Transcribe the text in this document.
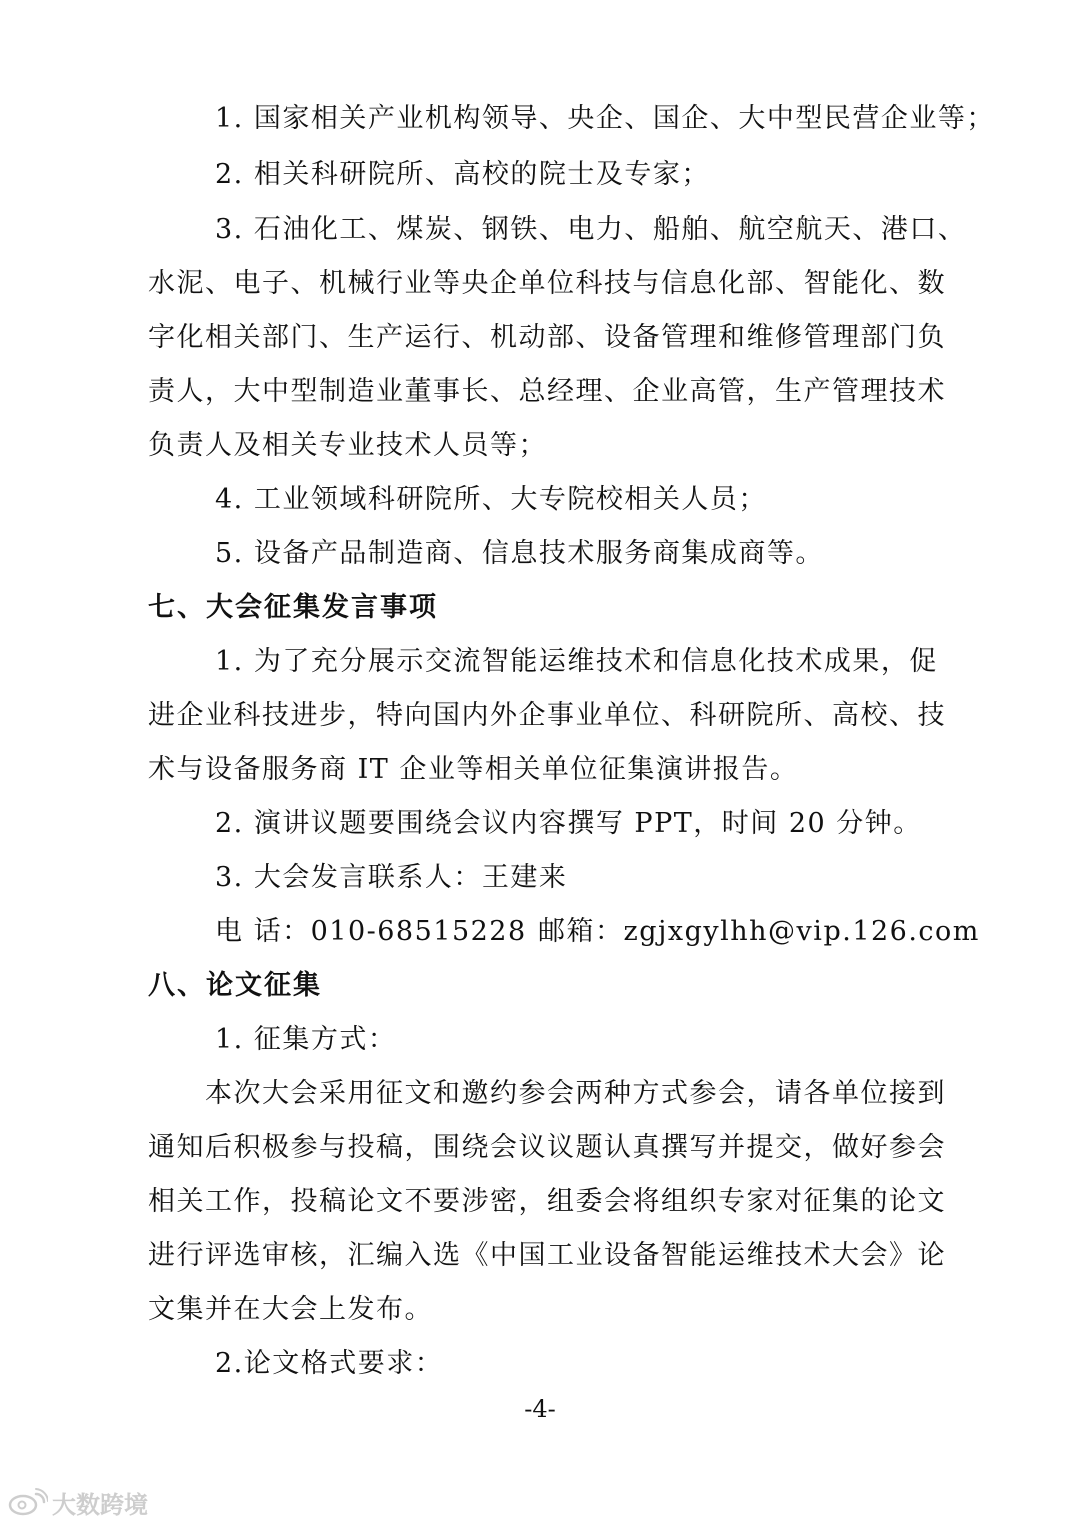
1. 国家相关产业机构领导、央企、国企、大中型民营企业等；
2. 相关科研院所、高校的院士及专家；
3. 石油化工、煤炭、钢铁、电力、船舶、航空航天、港口、
水泥、电子、机械行业等央企单位科技与信息化部、智能化、数
字化相关部门、生产运行、机动部、设备管理和维修管理部门负
责人，大中型制造业董事长、总经理、企业高管，生产管理技术
负责人及相关专业技术人员等；
4. 工业领域科研院所、大专院校相关人员；
5. 设备产品制造商、信息技术服务商集成商等。
七、大会征集发言事项
1. 为了充分展示交流智能运维技术和信息化技术成果，促
进企业科技进步，特向国内外企事业单位、科研院所、高校、技
术与设备服务商 IT 企业等相关单位征集演讲报告。
2. 演讲议题要围绕会议内容撰写 PPT，时间 20 分钟。
3. 大会发言联系人：王建来
电 话：010-68515228 邮箱：zgjxgylhh@vip.126.com
八、论文征集
1. 征集方式：
本次大会采用征文和邀约参会两种方式参会，请各单位接到
通知后积极参与投稿，围绕会议议题认真撰写并提交，做好参会
相关工作，投稿论文不要涉密，组委会将组织专家对征集的论文
进行评选审核，汇编入选《中国工业设备智能运维技术大会》论
文集并在大会上发布。
2.论文格式要求：
-4-
大数跨境
